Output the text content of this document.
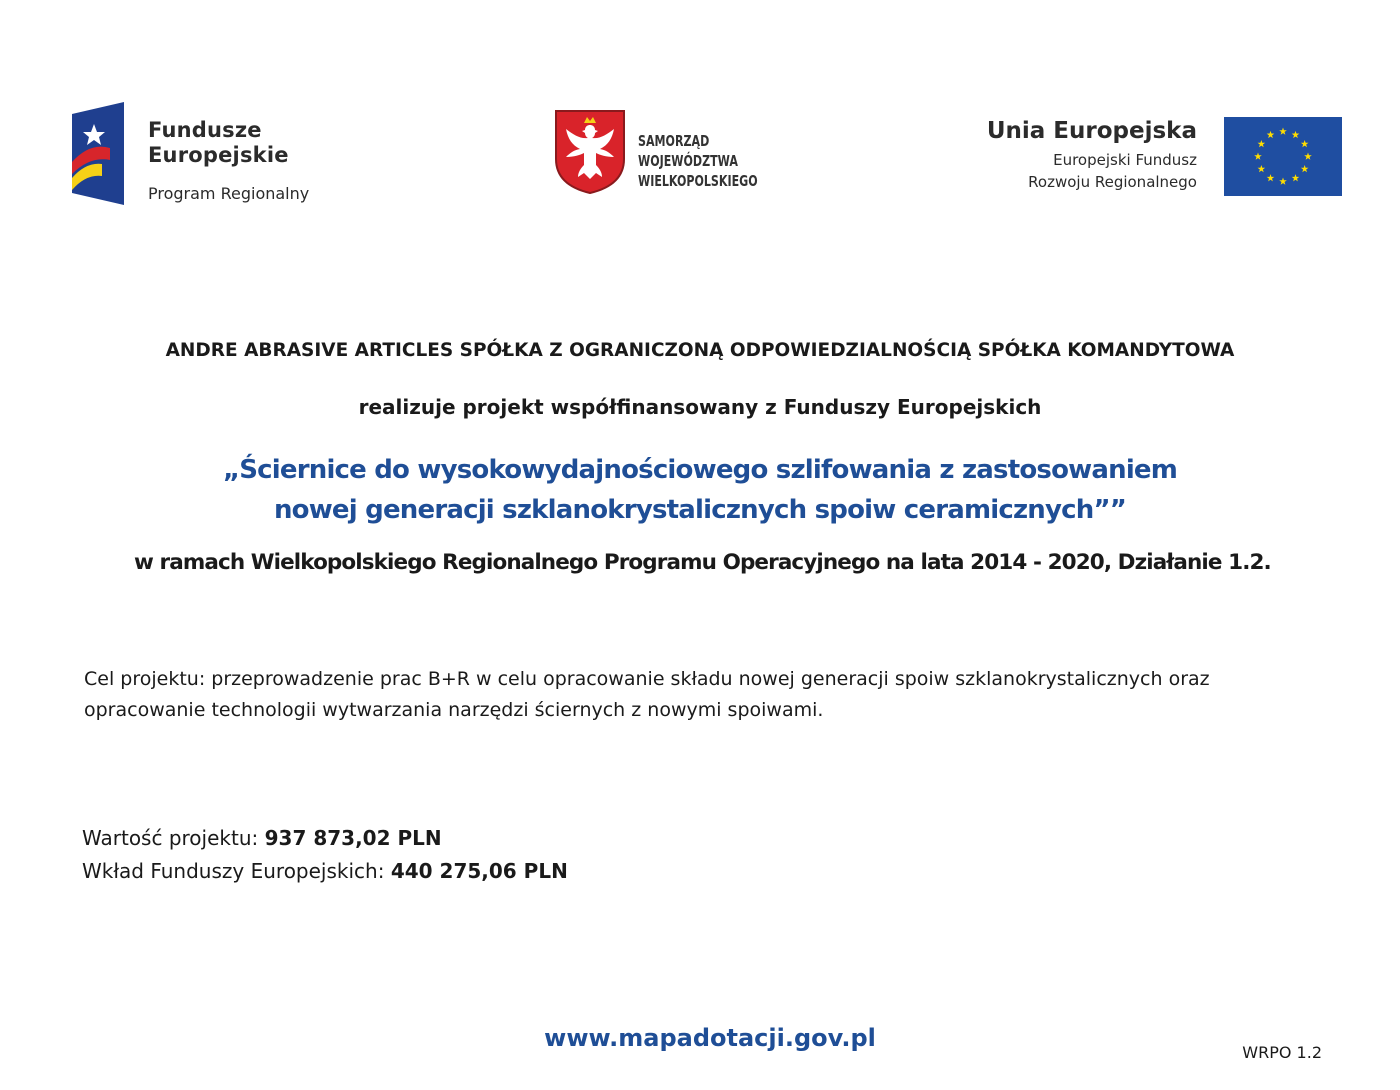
Fundusze
Europejskie
Program Regionalny
SAMORZĄD WOJEWÓDZTWA
WIELKOPOLSKIEGO
Unia Europejska
Europejski Fundusz
Rozwoju Regionalnego
ANDRE ABRASIVE ARTICLES SPÓŁKA Z OGRANICZONĄ ODPOWIEDZIALNOŚCIĄ SPÓŁKA KOMANDYTOWA
realizuje projekt współfinansowany z Funduszy Europejskich
„Ściernice do wysokowydajnościowego szlifowania z zastosowaniem
nowej generacji szklanokrystalicznych spoiw ceramicznych””
w ramach Wielkopolskiego Regionalnego Programu Operacyjnego na lata 2014 - 2020, Działanie 1.2.
Cel projektu: przeprowadzenie prac B+R w celu opracowanie składu nowej generacji spoiw szklanokrystalicznych oraz opracowanie technologii wytwarzania narzędzi ściernych z nowymi spoiwami.
Wartość projektu: 937 873,02 PLN
Wkład Funduszy Europejskich: 440 275,06 PLN
www.mapadotacji.gov.pl
WRPO 1.2
